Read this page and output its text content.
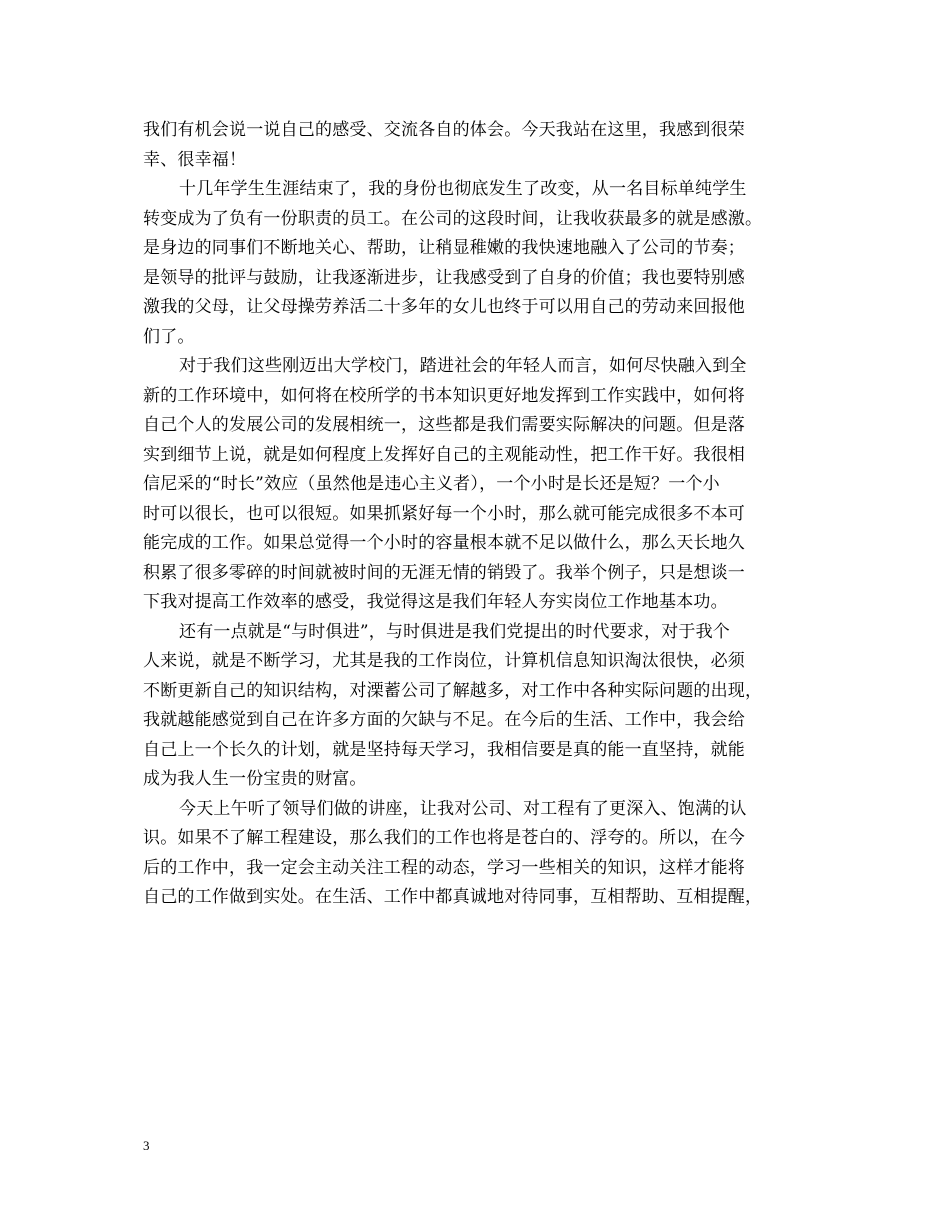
我们有机会说一说自己的感受、交流各自的体会。今天我站在这里，我感到很荣
幸、很幸福！
十几年学生生涯结束了，我的身份也彻底发生了改变，从一名目标单纯学生
转变成为了负有一份职责的员工。在公司的这段时间，让我收获最多的就是感激。
是身边的同事们不断地关心、帮助，让稍显稚嫩的我快速地融入了公司的节奏；
是领导的批评与鼓励，让我逐渐进步，让我感受到了自身的价值；我也要特别感
激我的父母，让父母操劳养活二十多年的女儿也终于可以用自己的劳动来回报他
们了。
对于我们这些刚迈出大学校门，踏进社会的年轻人而言，如何尽快融入到全
新的工作环境中，如何将在校所学的书本知识更好地发挥到工作实践中，如何将
自己个人的发展公司的发展相统一，这些都是我们需要实际解决的问题。但是落
实到细节上说，就是如何程度上发挥好自己的主观能动性，把工作干好。我很相
信尼采的“时长”效应（虽然他是违心主义者），一个小时是长还是短？一个小
时可以很长，也可以很短。如果抓紧好每一个小时，那么就可能完成很多不本可
能完成的工作。如果总觉得一个小时的容量根本就不足以做什么，那么天长地久
积累了很多零碎的时间就被时间的无涯无情的销毁了。我举个例子，只是想谈一
下我对提高工作效率的感受，我觉得这是我们年轻人夯实岗位工作地基本功。
还有一点就是“与时俱进”，与时俱进是我们党提出的时代要求，对于我个
人来说，就是不断学习，尤其是我的工作岗位，计算机信息知识淘汰很快，必须
不断更新自己的知识结构，对溧蓄公司了解越多，对工作中各种实际问题的出现，
我就越能感觉到自己在许多方面的欠缺与不足。在今后的生活、工作中，我会给
自己上一个长久的计划，就是坚持每天学习，我相信要是真的能一直坚持，就能
成为我人生一份宝贵的财富。
今天上午听了领导们做的讲座，让我对公司、对工程有了更深入、饱满的认
识。如果不了解工程建设，那么我们的工作也将是苍白的、浮夸的。所以，在今
后的工作中，我一定会主动关注工程的动态，学习一些相关的知识，这样才能将
自己的工作做到实处。在生活、工作中都真诚地对待同事，互相帮助、互相提醒，
3
